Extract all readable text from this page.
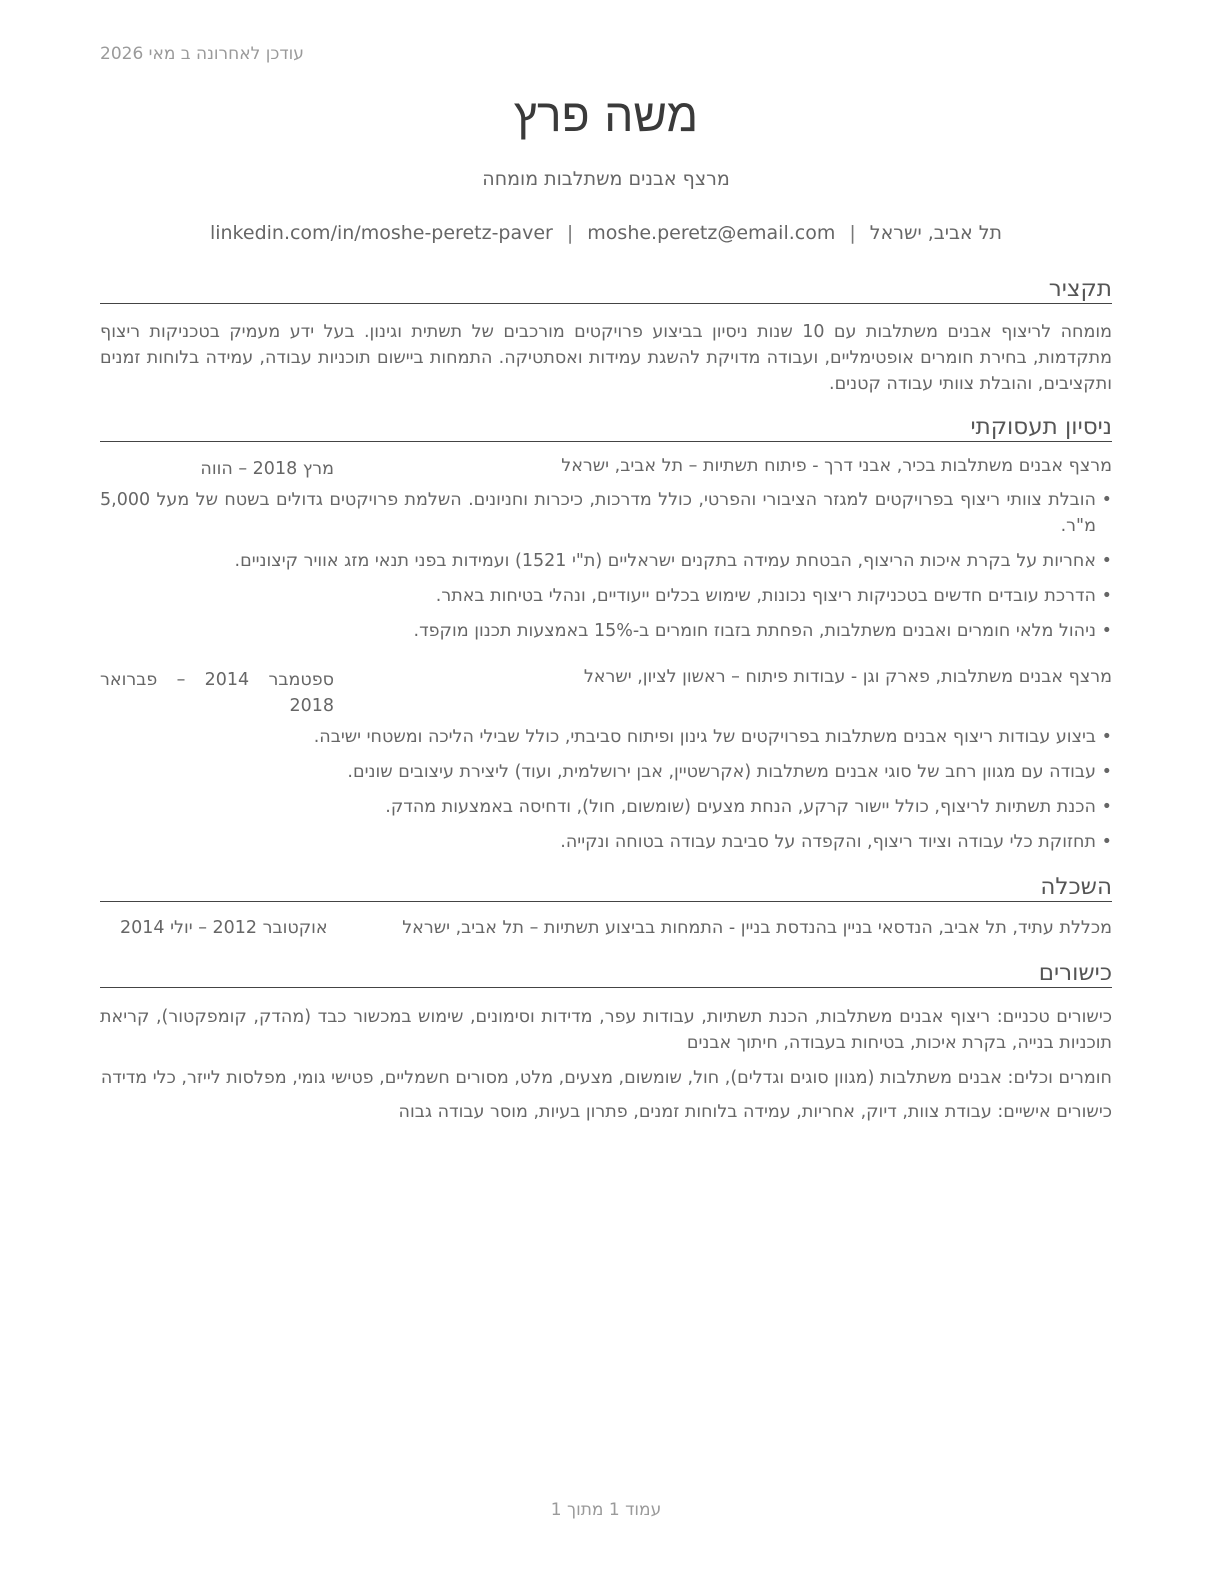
עודכן לאחרונה ב מאי 2026
משה פרץ
מרצף אבנים משתלבות מומחה
תל אביב, ישראל|moshe.peretz@email.com|linkedin.com/in/moshe-peretz-paver
תקציר
מומחה לריצוף אבנים משתלבות עם 10 שנות ניסיון בביצוע פרויקטים מורכבים של תשתית וגינון. בעל ידע מעמיק בטכניקות ריצוף מתקדמות, בחירת חומרים אופטימליים, ועבודה מדויקת להשגת עמידות ואסתטיקה. התמחות ביישום תוכניות עבודה, עמידה בלוחות זמנים ותקציבים, והובלת צוותי עבודה קטנים.
ניסיון תעסוקתי
מרצף אבנים משתלבות בכיר, אבני דרך - פיתוח תשתיות – תל אביב, ישראל
מרץ 2018 – הווה
• הובלת צוותי ריצוף בפרויקטים למגזר הציבורי והפרטי, כולל מדרכות, כיכרות וחניונים. השלמת פרויקטים גדולים בשטח של מעל 5,000 מ"ר.
• אחריות על בקרת איכות הריצוף, הבטחת עמידה בתקנים ישראליים (ת"י 1521) ועמידות בפני תנאי מזג אוויר קיצוניים.
• הדרכת עובדים חדשים בטכניקות ריצוף נכונות, שימוש בכלים ייעודיים, ונהלי בטיחות באתר.
• ניהול מלאי חומרים ואבנים משתלבות, הפחתת בזבוז חומרים ב-15% באמצעות תכנון מוקפד.
מרצף אבנים משתלבות, פארק וגן - עבודות פיתוח – ראשון לציון, ישראל
ספטמבר 2014 – פברואר 2018
• ביצוע עבודות ריצוף אבנים משתלבות בפרויקטים של גינון ופיתוח סביבתי, כולל שבילי הליכה ומשטחי ישיבה.
• עבודה עם מגוון רחב של סוגי אבנים משתלבות (אקרשטיין, אבן ירושלמית, ועוד) ליצירת עיצובים שונים.
• הכנת תשתיות לריצוף, כולל יישור קרקע, הנחת מצעים (שומשום, חול), ודחיסה באמצעות מהדק.
• תחזוקת כלי עבודה וציוד ריצוף, והקפדה על סביבת עבודה בטוחה ונקייה.
השכלה
מכללת עתיד, תל אביב, הנדסאי בניין בהנדסת בניין - התמחות בביצוע תשתיות – תל אביב, ישראל
אוקטובר 2012 – יולי 2014
כישורים
כישורים טכניים: ריצוף אבנים משתלבות, הכנת תשתיות, עבודות עפר, מדידות וסימונים, שימוש במכשור כבד (מהדק, קומפקטור), קריאת תוכניות בנייה, בקרת איכות, בטיחות בעבודה, חיתוך אבנים
חומרים וכלים: אבנים משתלבות (מגוון סוגים וגדלים), חול, שומשום, מצעים, מלט, מסורים חשמליים, פטישי גומי, מפלסות לייזר, כלי מדידה
כישורים אישיים: עבודת צוות, דיוק, אחריות, עמידה בלוחות זמנים, פתרון בעיות, מוסר עבודה גבוה
עמוד 1 מתוך 1
